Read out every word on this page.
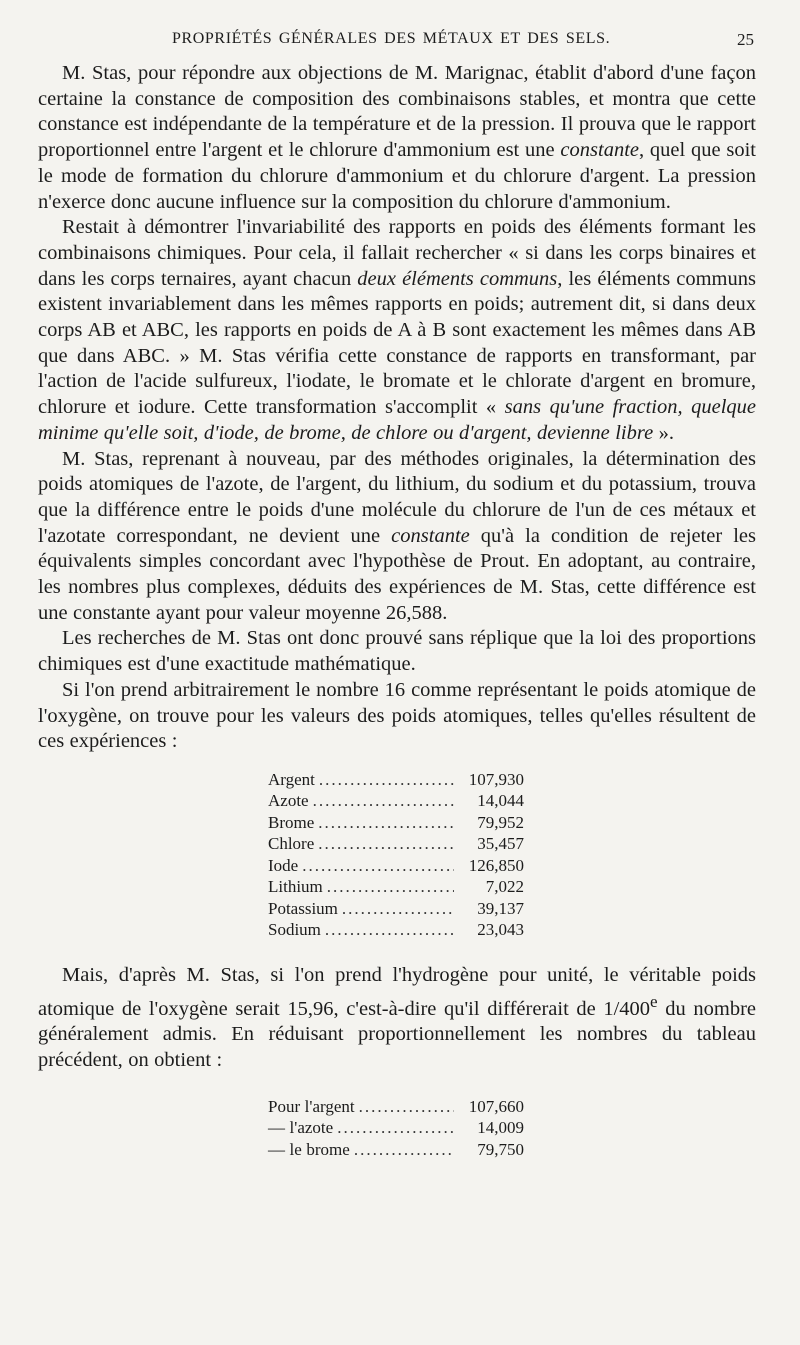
PROPRIÉTÉS GÉNÉRALES DES MÉTAUX ET DES SELS.	25

M. Stas, pour répondre aux objections de M. Marignac, établit d'abord d'une façon certaine la constance de composition des combinaisons stables, et montra que cette constance est indépendante de la température et de la pression. Il prouva que le rapport proportionnel entre l'argent et le chlorure d'ammonium est une constante, quel que soit le mode de formation du chlorure d'ammonium et du chlorure d'argent. La pression n'exerce donc aucune influence sur la composition du chlorure d'ammonium.

Restait à démontrer l'invariabilité des rapports en poids des éléments formant les combinaisons chimiques. Pour cela, il fallait rechercher « si dans les corps binaires et dans les corps ternaires, ayant chacun deux éléments communs, les éléments communs existent invariablement dans les mêmes rapports en poids; autrement dit, si dans deux corps AB et ABC, les rapports en poids de A à B sont exactement les mêmes dans AB que dans ABC. » M. Stas vérifia cette constance de rapports en transformant, par l'action de l'acide sulfureux, l'iodate, le bromate et le chlorate d'argent en bromure, chlorure et iodure. Cette transformation s'accomplit « sans qu'une fraction, quelque minime qu'elle soit, d'iode, de brome, de chlore ou d'argent, devienne libre ».

M. Stas, reprenant à nouveau, par des méthodes originales, la détermination des poids atomiques de l'azote, de l'argent, du lithium, du sodium et du potassium, trouva que la différence entre le poids d'une molécule du chlorure de l'un de ces métaux et l'azotate correspondant, ne devient une constante qu'à la condition de rejeter les équivalents simples concordant avec l'hypothèse de Prout. En adoptant, au contraire, les nombres plus complexes, déduits des expériences de M. Stas, cette différence est une constante ayant pour valeur moyenne 26,588.

Les recherches de M. Stas ont donc prouvé sans réplique que la loi des proportions chimiques est d'une exactitude mathématique.

Si l'on prend arbitrairement le nombre 16 comme représentant le poids atomique de l'oxygène, on trouve pour les valeurs des poids atomiques, telles qu'elles résultent de ces expériences :

Argent .....	107,930
Azote .....	14,044
Brome .....	79,952
Chlore .....	35,457
Iode .....	126,850
Lithium .....	7,022
Potassium .....	39,137
Sodium .....	23,043

Mais, d'après M. Stas, si l'on prend l'hydrogène pour unité, le véritable poids atomique de l'oxygène serait 15,96, c'est-à-dire qu'il différerait de 1/400e du nombre généralement admis. En réduisant proportionnellement les nombres du tableau précédent, on obtient :

Pour l'argent .....	107,660
— l'azote .....	14,009
— le brome .....	79,750
